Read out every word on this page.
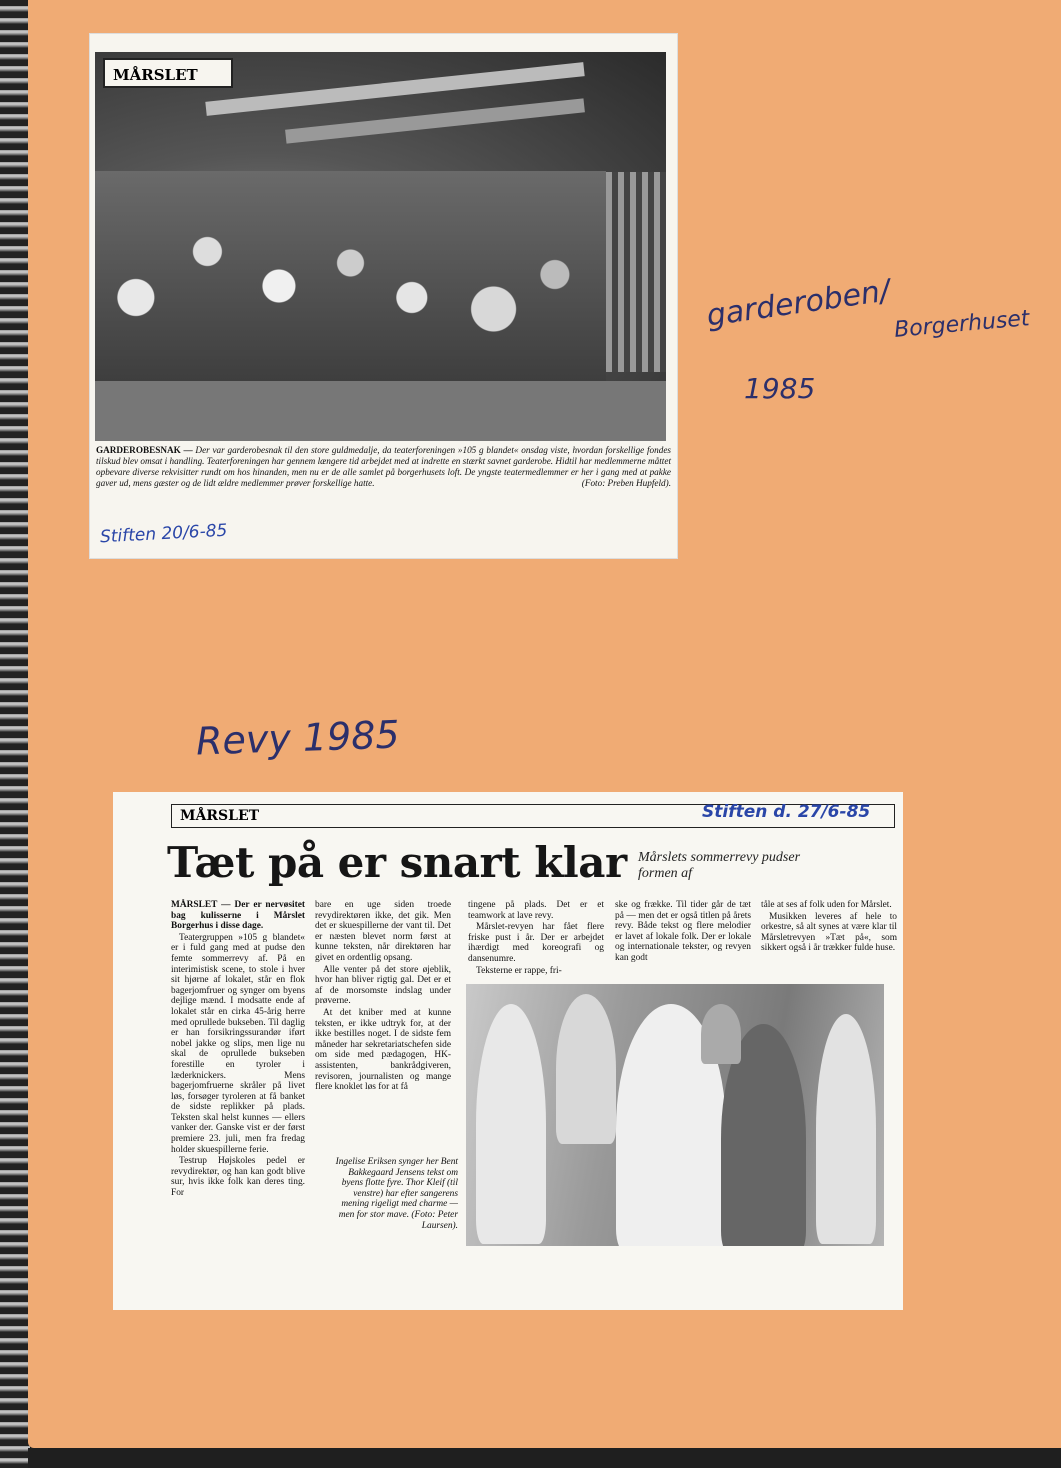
MÅRSLET
GARDEROBESNAK — Der var garderobesnak til den store guldmedalje, da teaterforeningen »105 g blandet« onsdag viste, hvordan forskellige fondes tilskud blev omsat i handling. Teaterforeningen har gennem længere tid arbejdet med at indrette en stærkt savnet garderobe. Hidtil har medlemmerne måttet opbevare diverse rekvisitter rundt om hos hinanden, men nu er de alle samlet på borgerhusets loft. De yngste teatermedlemmer er her i gang med at pakke gaver ud, mens gæster og de lidt ældre medlemmer prøver forskellige hatte.	(Foto: Preben Hupfeld).
Stiften 20/6-85
garderoben/ Borgerhuset
1985
Revy 1985
MÅRSLET	Stiften d. 27/6-85
Tæt på er snart klar Mårslets sommerrevy pudser formen af

MÅRSLET — Der er nervøsitet bag kulisserne i Mårslet Borgerhus i disse dage.

Teatergruppen »105 g blandet« er i fuld gang med at pudse den femte sommerrevy af. På en interimistisk scene, to stole i hver sit hjørne af lokalet, står en flok bagerjomfruer og synger om byens dejlige mænd. I modsatte ende af lokalet står en cirka 45-årig herre med oprullede bukseben. Til daglig er han forsikringssurandør iført nobel jakke og slips, men lige nu skal de oprullede bukseben forestille en tyroler i læderknickers. Mens bagerjomfruerne skråler på livet løs, forsøger tyroleren at få banket de sidste replikker på plads. Teksten skal helst kunnes — ellers vanker der. Ganske vist er der først premiere 23. juli, men fra fredag holder skuespillerne ferie.

Testrup Højskoles pedel er revydirektør, og han kan godt blive sur, hvis ikke folk kan deres ting. For

bare en uge siden troede revydirektøren ikke, det gik. Men det er skuespillerne der vant til. Det er næsten blevet norm først at kunne teksten, når direktøren har givet en ordentlig opsang.

Alle venter på det store øjeblik, hvor han bliver rigtig gal. Det er et af de morsomste indslag under prøverne.

At det kniber med at kunne teksten, er ikke udtryk for, at der ikke bestilles noget. I de sidste fem måneder har sekretariatschefen side om side med pædagogen, HK-assistenten, bankrådgiveren, revisoren, journalisten og mange flere knoklet løs for at få

tingene på plads. Det er et teamwork at lave revy.

Mårslet-revyen har fået flere friske pust i år. Der er arbejdet ihærdigt med koreografi og dansenumre.

Teksterne er rappe, fri-

ske og frække. Til tider går de tæt på — men det er også titlen på årets revy. Både tekst og flere melodier er lavet af lokale folk. Der er lokale og internationale tekster, og revyen kan godt

tåle at ses af folk uden for Mårslet.

Musikken leveres af hele to orkestre, så alt synes at være klar til Mårsletrevyen »Tæt på«, som sikkert også i år trækker fulde huse.

Ingelise Eriksen synger her Bent Bakkegaard Jensens tekst om byens flotte fyre. Thor Kleif (til venstre) har efter sangerens mening rigeligt med charme — men for stor mave. (Foto: Peter Laursen).
